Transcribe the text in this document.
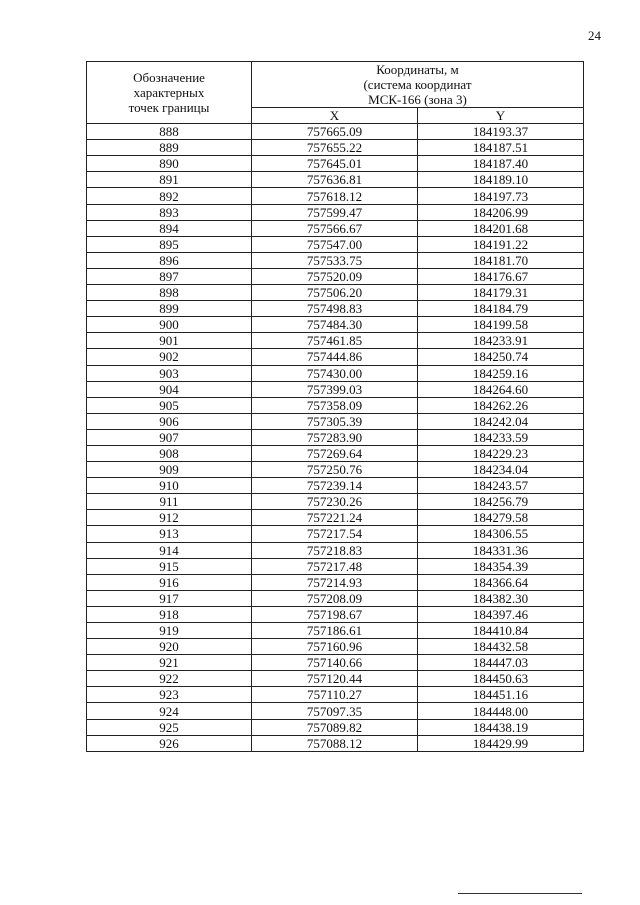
24
Обозначение
характерных
точек границы	Координаты, м
(система координат
МСК-166 (зона 3)	

	X	Y
888	757665.09	184193.37
889	757655.22	184187.51
890	757645.01	184187.40
891	757636.81	184189.10
892	757618.12	184197.73
893	757599.47	184206.99
894	757566.67	184201.68
895	757547.00	184191.22
896	757533.75	184181.70
897	757520.09	184176.67
898	757506.20	184179.31
899	757498.83	184184.79
900	757484.30	184199.58
901	757461.85	184233.91
902	757444.86	184250.74
903	757430.00	184259.16
904	757399.03	184264.60
905	757358.09	184262.26
906	757305.39	184242.04
907	757283.90	184233.59
908	757269.64	184229.23
909	757250.76	184234.04
910	757239.14	184243.57
911	757230.26	184256.79
912	757221.24	184279.58
913	757217.54	184306.55
914	757218.83	184331.36
915	757217.48	184354.39
916	757214.93	184366.64
917	757208.09	184382.30
918	757198.67	184397.46
919	757186.61	184410.84
920	757160.96	184432.58
921	757140.66	184447.03
922	757120.44	184450.63
923	757110.27	184451.16
924	757097.35	184448.00
925	757089.82	184438.19
926	757088.12	184429.99
